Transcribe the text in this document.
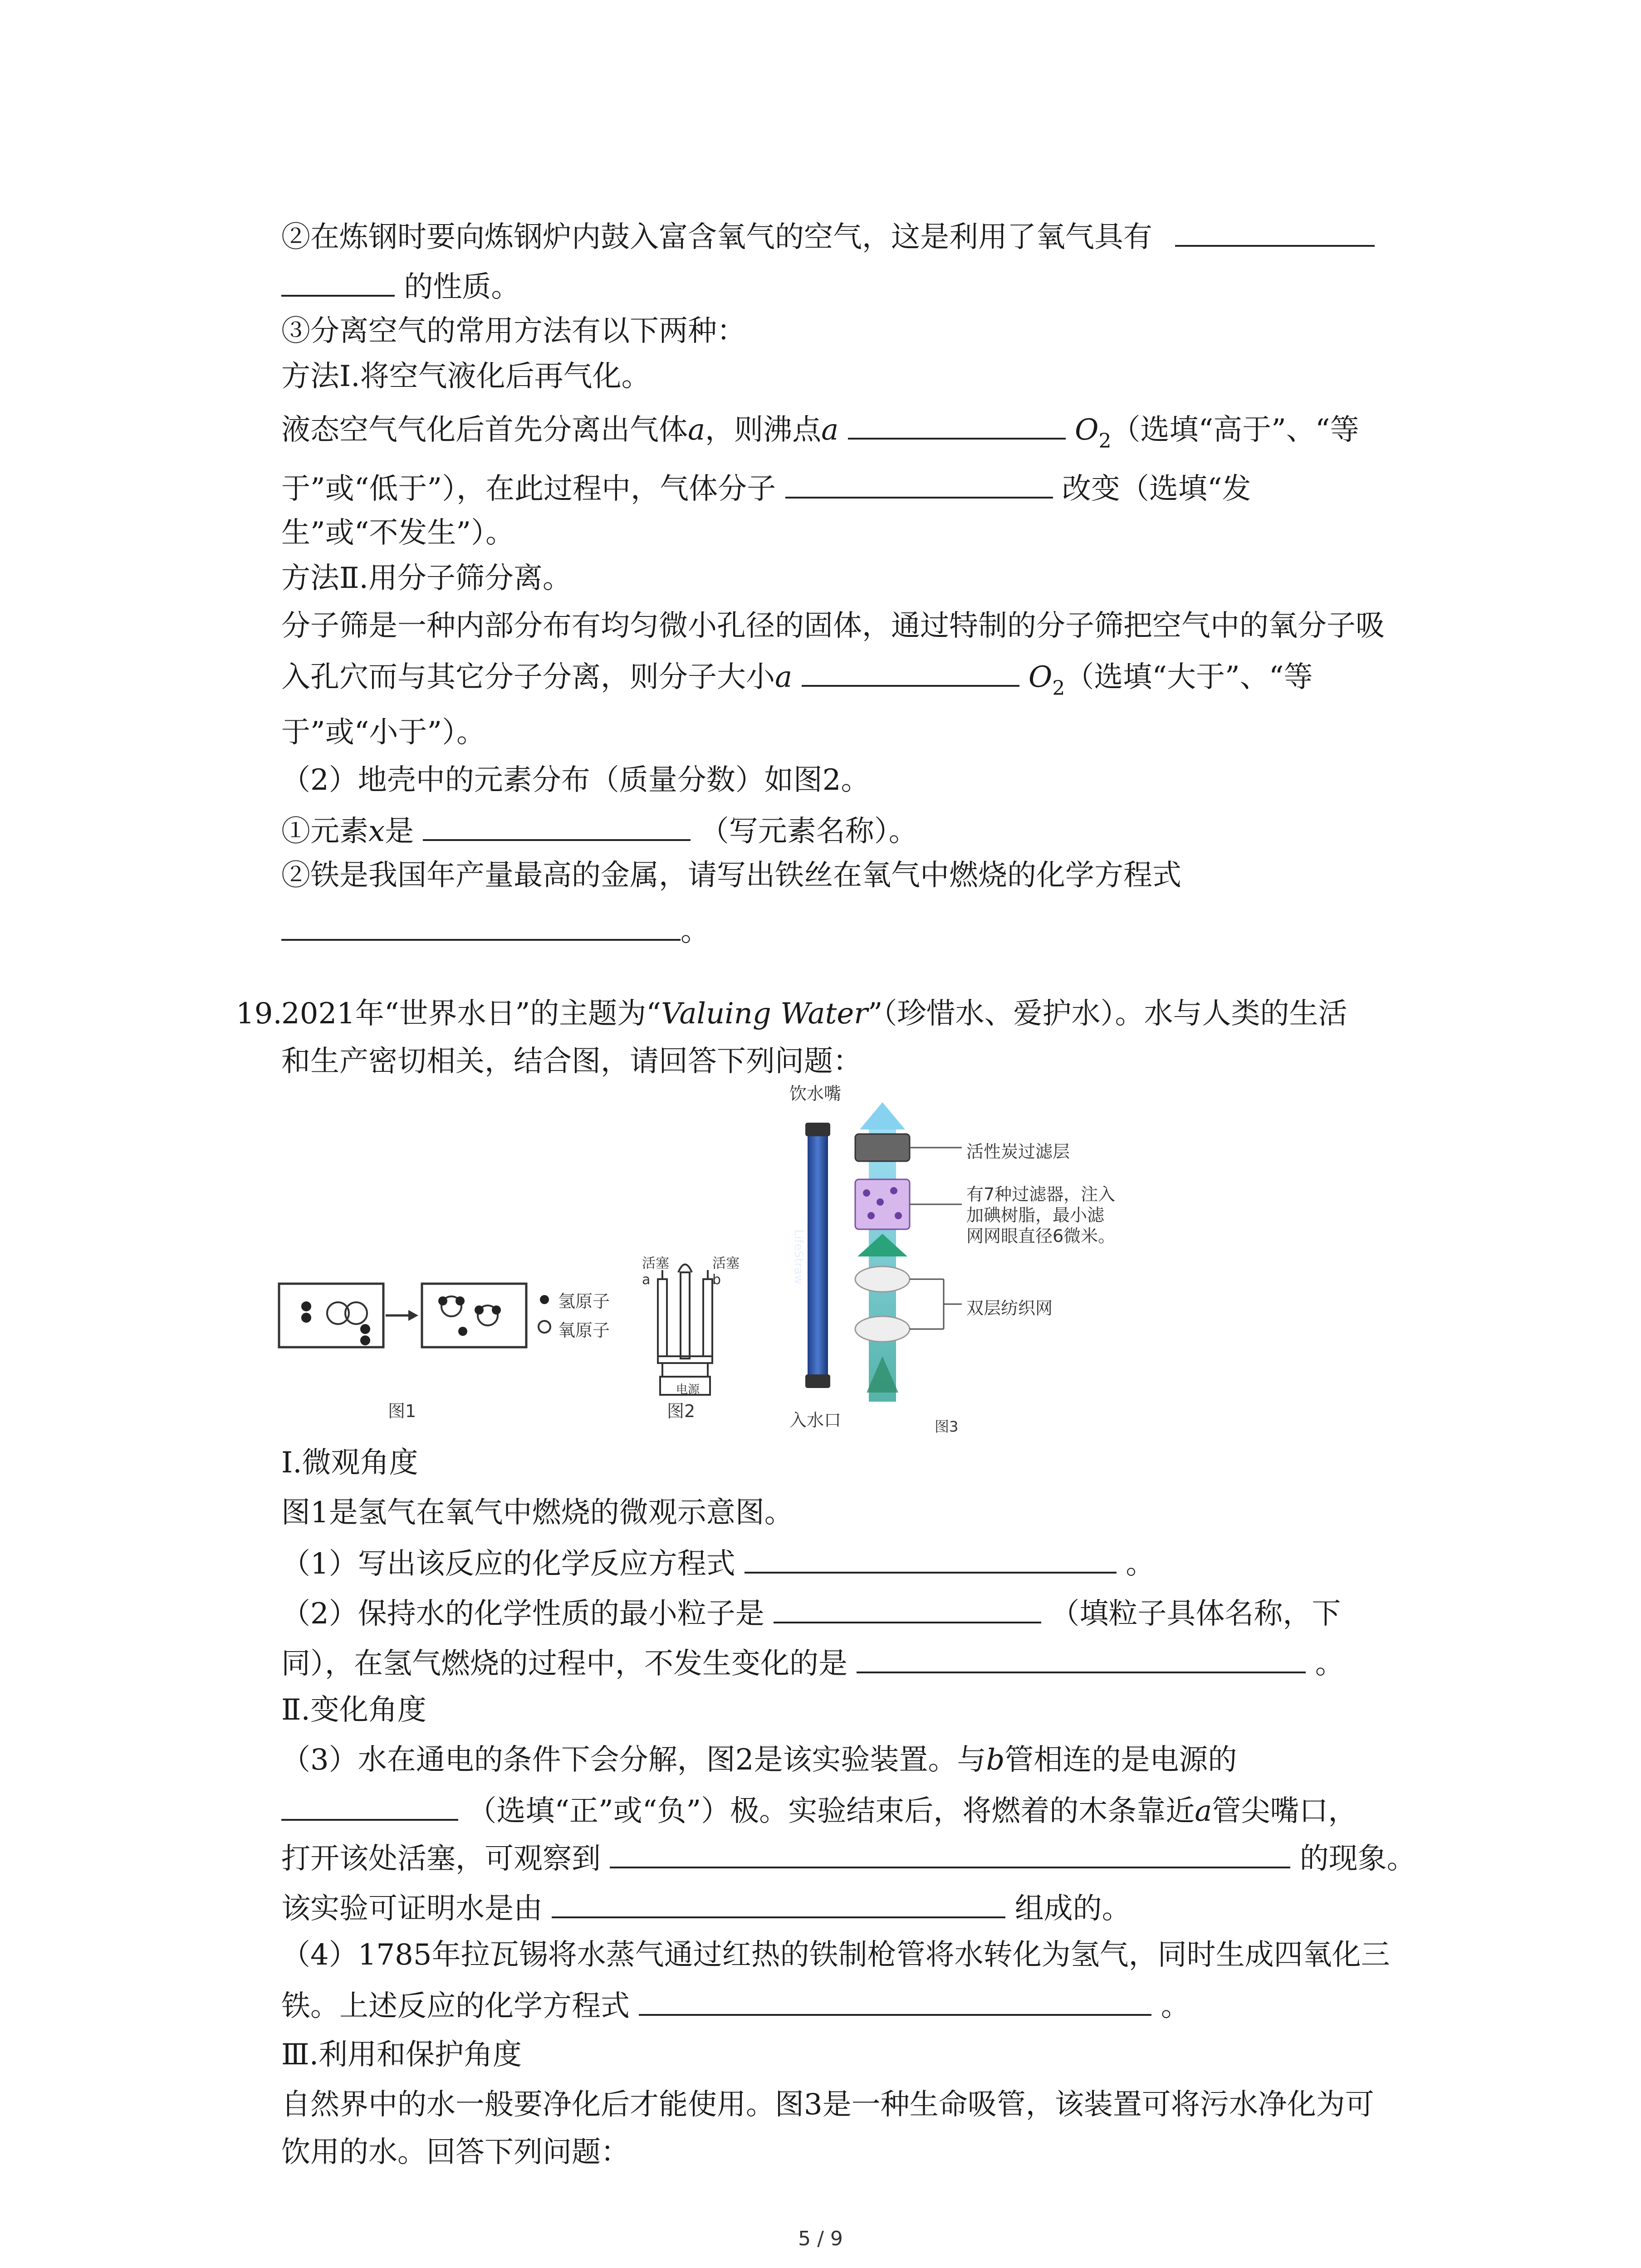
②在炼钢时要向炼钢炉内鼓入富含氧气的空气，这是利用了氧气具有
的性质。
③分离空气的常用方法有以下两种：
方法Ⅰ.将空气液化后再气化。
液态空气气化后首先分离出气体a，则沸点a	$O_2$（选填“高于”、“等
于”或“低于”），在此过程中，气体分子	改变（选填“发
生”或“不发生”）。
方法Ⅱ.用分子筛分离。
分子筛是一种内部分布有均匀微小孔径的固体，通过特制的分子筛把空气中的氧分子吸
入孔穴而与其它分子分离，则分子大小a	$O_2$（选填“大于”、“等
于”或“小于”）。
（2）地壳中的元素分布（质量分数）如图2。
①元素x是	（写元素名称）。
②铁是我国年产量最高的金属，请写出铁丝在氧气中燃烧的化学方程式
。
19.
2021年“世界水日”的主题为“Valuing Water”（珍惜水、爱护水）。水与人类的生活
和生产密切相关，结合图，请回答下列问题：
氢原子
氧原子
图1
活塞
a
活塞
b
电源
图2
饮水嘴
LifeStraw
入水口	图3
活性炭过滤层
有7种过滤器，注入
加碘树脂，最小滤
网网眼直径6微米。
双层纺织网
Ⅰ.微观角度
图1是氢气在氧气中燃烧的微观示意图。
（1）写出该反应的化学反应方程式	。
（2）保持水的化学性质的最小粒子是	（填粒子具体名称，下
同），在氢气燃烧的过程中，不发生变化的是	。
Ⅱ.变化角度
（3）水在通电的条件下会分解，图2是该实验装置。与b管相连的是电源的
（选填“正”或“负”）极。实验结束后，将燃着的木条靠近a管尖嘴口，
打开该处活塞，可观察到	的现象。
该实验可证明水是由	组成的。
（4）1785年拉瓦锡将水蒸气通过红热的铁制枪管将水转化为氢气，同时生成四氧化三
铁。上述反应的化学方程式	。
Ⅲ.利用和保护角度
自然界中的水一般要净化后才能使用。图3是一种生命吸管，该装置可将污水净化为可
饮用的水。回答下列问题：
5 / 9
